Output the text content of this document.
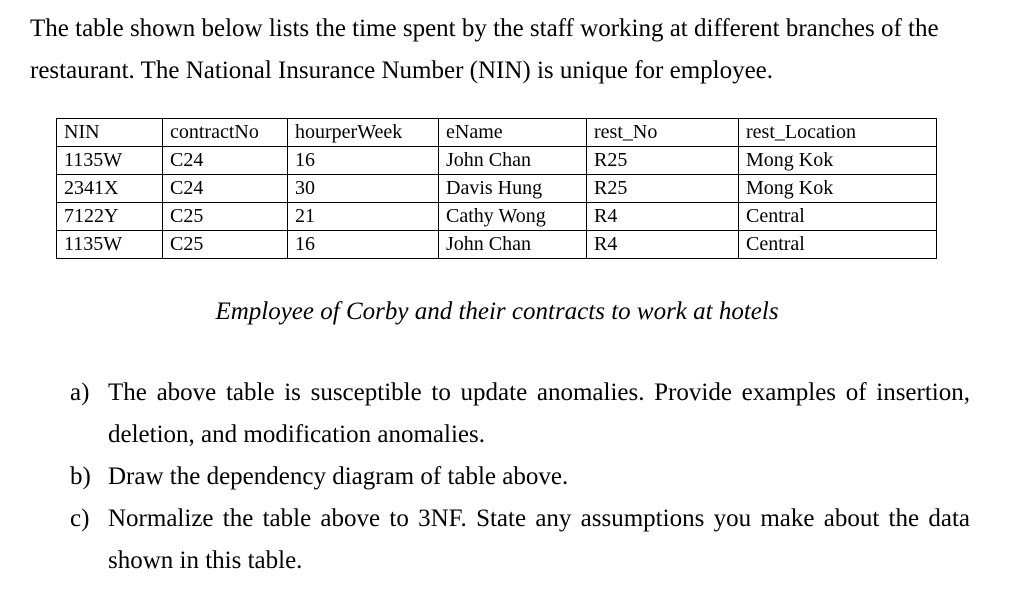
The table shown below lists the time spent by the staff working at different branches of the restaurant. The National Insurance Number (NIN) is unique for employee.

NIN	contractNo	hourperWeek	eName	rest_No	rest_Location
1135W	C24	16	John Chan	R25	Mong Kok
2341X	C24	30	Davis Hung	R25	Mong Kok
7122Y	C25	21	Cathy Wong	R4	Central
1135W	C25	16	John Chan	R4	Central

Employee of Corby and their contracts to work at hotels

a) The above table is susceptible to update anomalies. Provide examples of insertion, deletion, and modification anomalies.
b) Draw the dependency diagram of table above.
c) Normalize the table above to 3NF. State any assumptions you make about the data shown in this table.
